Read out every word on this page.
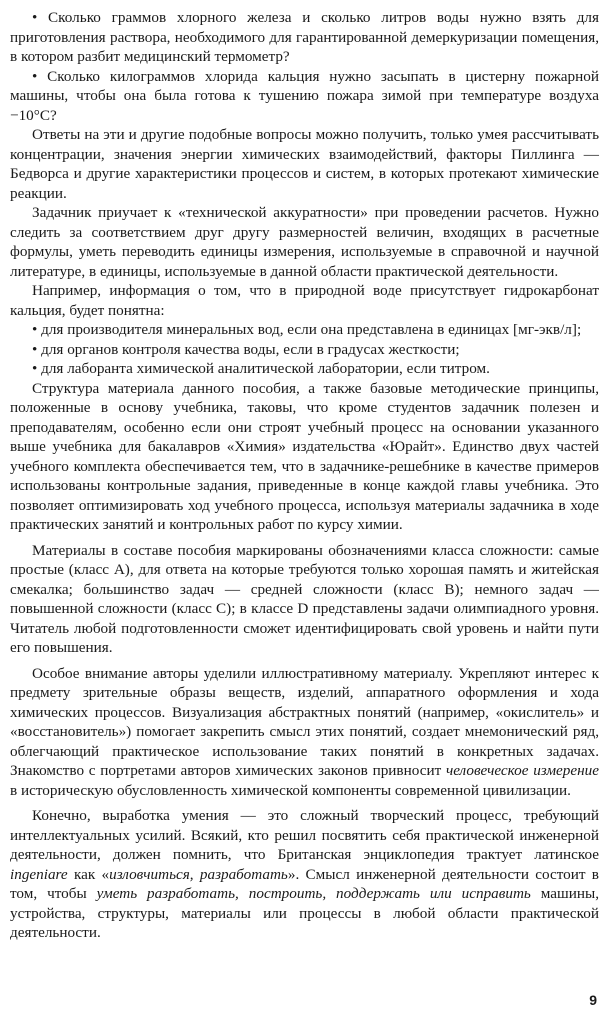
• Сколько граммов хлорного железа и сколько литров воды нужно взять для приготовления раствора, необходимого для гарантированной демеркуризации помещения, в котором разбит медицинский термометр?

• Сколько килограммов хлорида кальция нужно засыпать в цистерну пожарной машины, чтобы она была готова к тушению пожара зимой при температуре воздуха −10°С?

Ответы на эти и другие подобные вопросы можно получить, только умея рассчитывать концентрации, значения энергии химических взаимодействий, факторы Пиллинга — Бедворса и другие характеристики процессов и систем, в которых протекают химические реакции.

Задачник приучает к «технической аккуратности» при проведении расчетов. Нужно следить за соответствием друг другу размерностей величин, входящих в расчетные формулы, уметь переводить единицы измерения, используемые в справочной и научной литературе, в единицы, используемые в данной области практической деятельности.

Например, информация о том, что в природной воде присутствует гидрокарбонат кальция, будет понятна:

• для производителя минеральных вод, если она представлена в единицах [мг-экв/л];

• для органов контроля качества воды, если в градусах жесткости;

• для лаборанта химической аналитической лаборатории, если титром.

Структура материала данного пособия, а также базовые методические принципы, положенные в основу учебника, таковы, что кроме студентов задачник полезен и преподавателям, особенно если они строят учебный процесс на основании указанного выше учебника для бакалавров «Химия» издательства «Юрайт». Единство двух частей учебного комплекта обеспечивается тем, что в задачнике-решебнике в качестве примеров использованы контрольные задания, приведенные в конце каждой главы учебника. Это позволяет оптимизировать ход учебного процесса, используя материалы задачника в ходе практических занятий и контрольных работ по курсу химии.

Материалы в составе пособия маркированы обозначениями класса сложности: самые простые (класс А), для ответа на которые требуются только хорошая память и житейская смекалка; большинство задач — средней сложности (класс В); немного задач — повышенной сложности (класс С); в классе D представлены задачи олимпиадного уровня. Читатель любой подготовленности сможет идентифицировать свой уровень и найти пути его повышения.

Особое внимание авторы уделили иллюстративному материалу. Укрепляют интерес к предмету зрительные образы веществ, изделий, аппаратного оформления и хода химических процессов. Визуализация абстрактных понятий (например, «окислитель» и «восстановитель») помогает закрепить смысл этих понятий, создает мнемонический ряд, облегчающий практическое использование таких понятий в конкретных задачах. Знакомство с портретами авторов химических законов привносит человеческое измерение в историческую обусловленность химической компоненты современной цивилизации.

Конечно, выработка умения — это сложный творческий процесс, требующий интеллектуальных усилий. Всякий, кто решил посвятить себя практической инженерной деятельности, должен помнить, что Британская энциклопедия трактует латинское ingeniare как «изловчиться, разработать». Смысл инженерной деятельности состоит в том, чтобы уметь разработать, построить, поддержать или исправить машины, устройства, структуры, материалы или процессы в любой области практической деятельности.

9
